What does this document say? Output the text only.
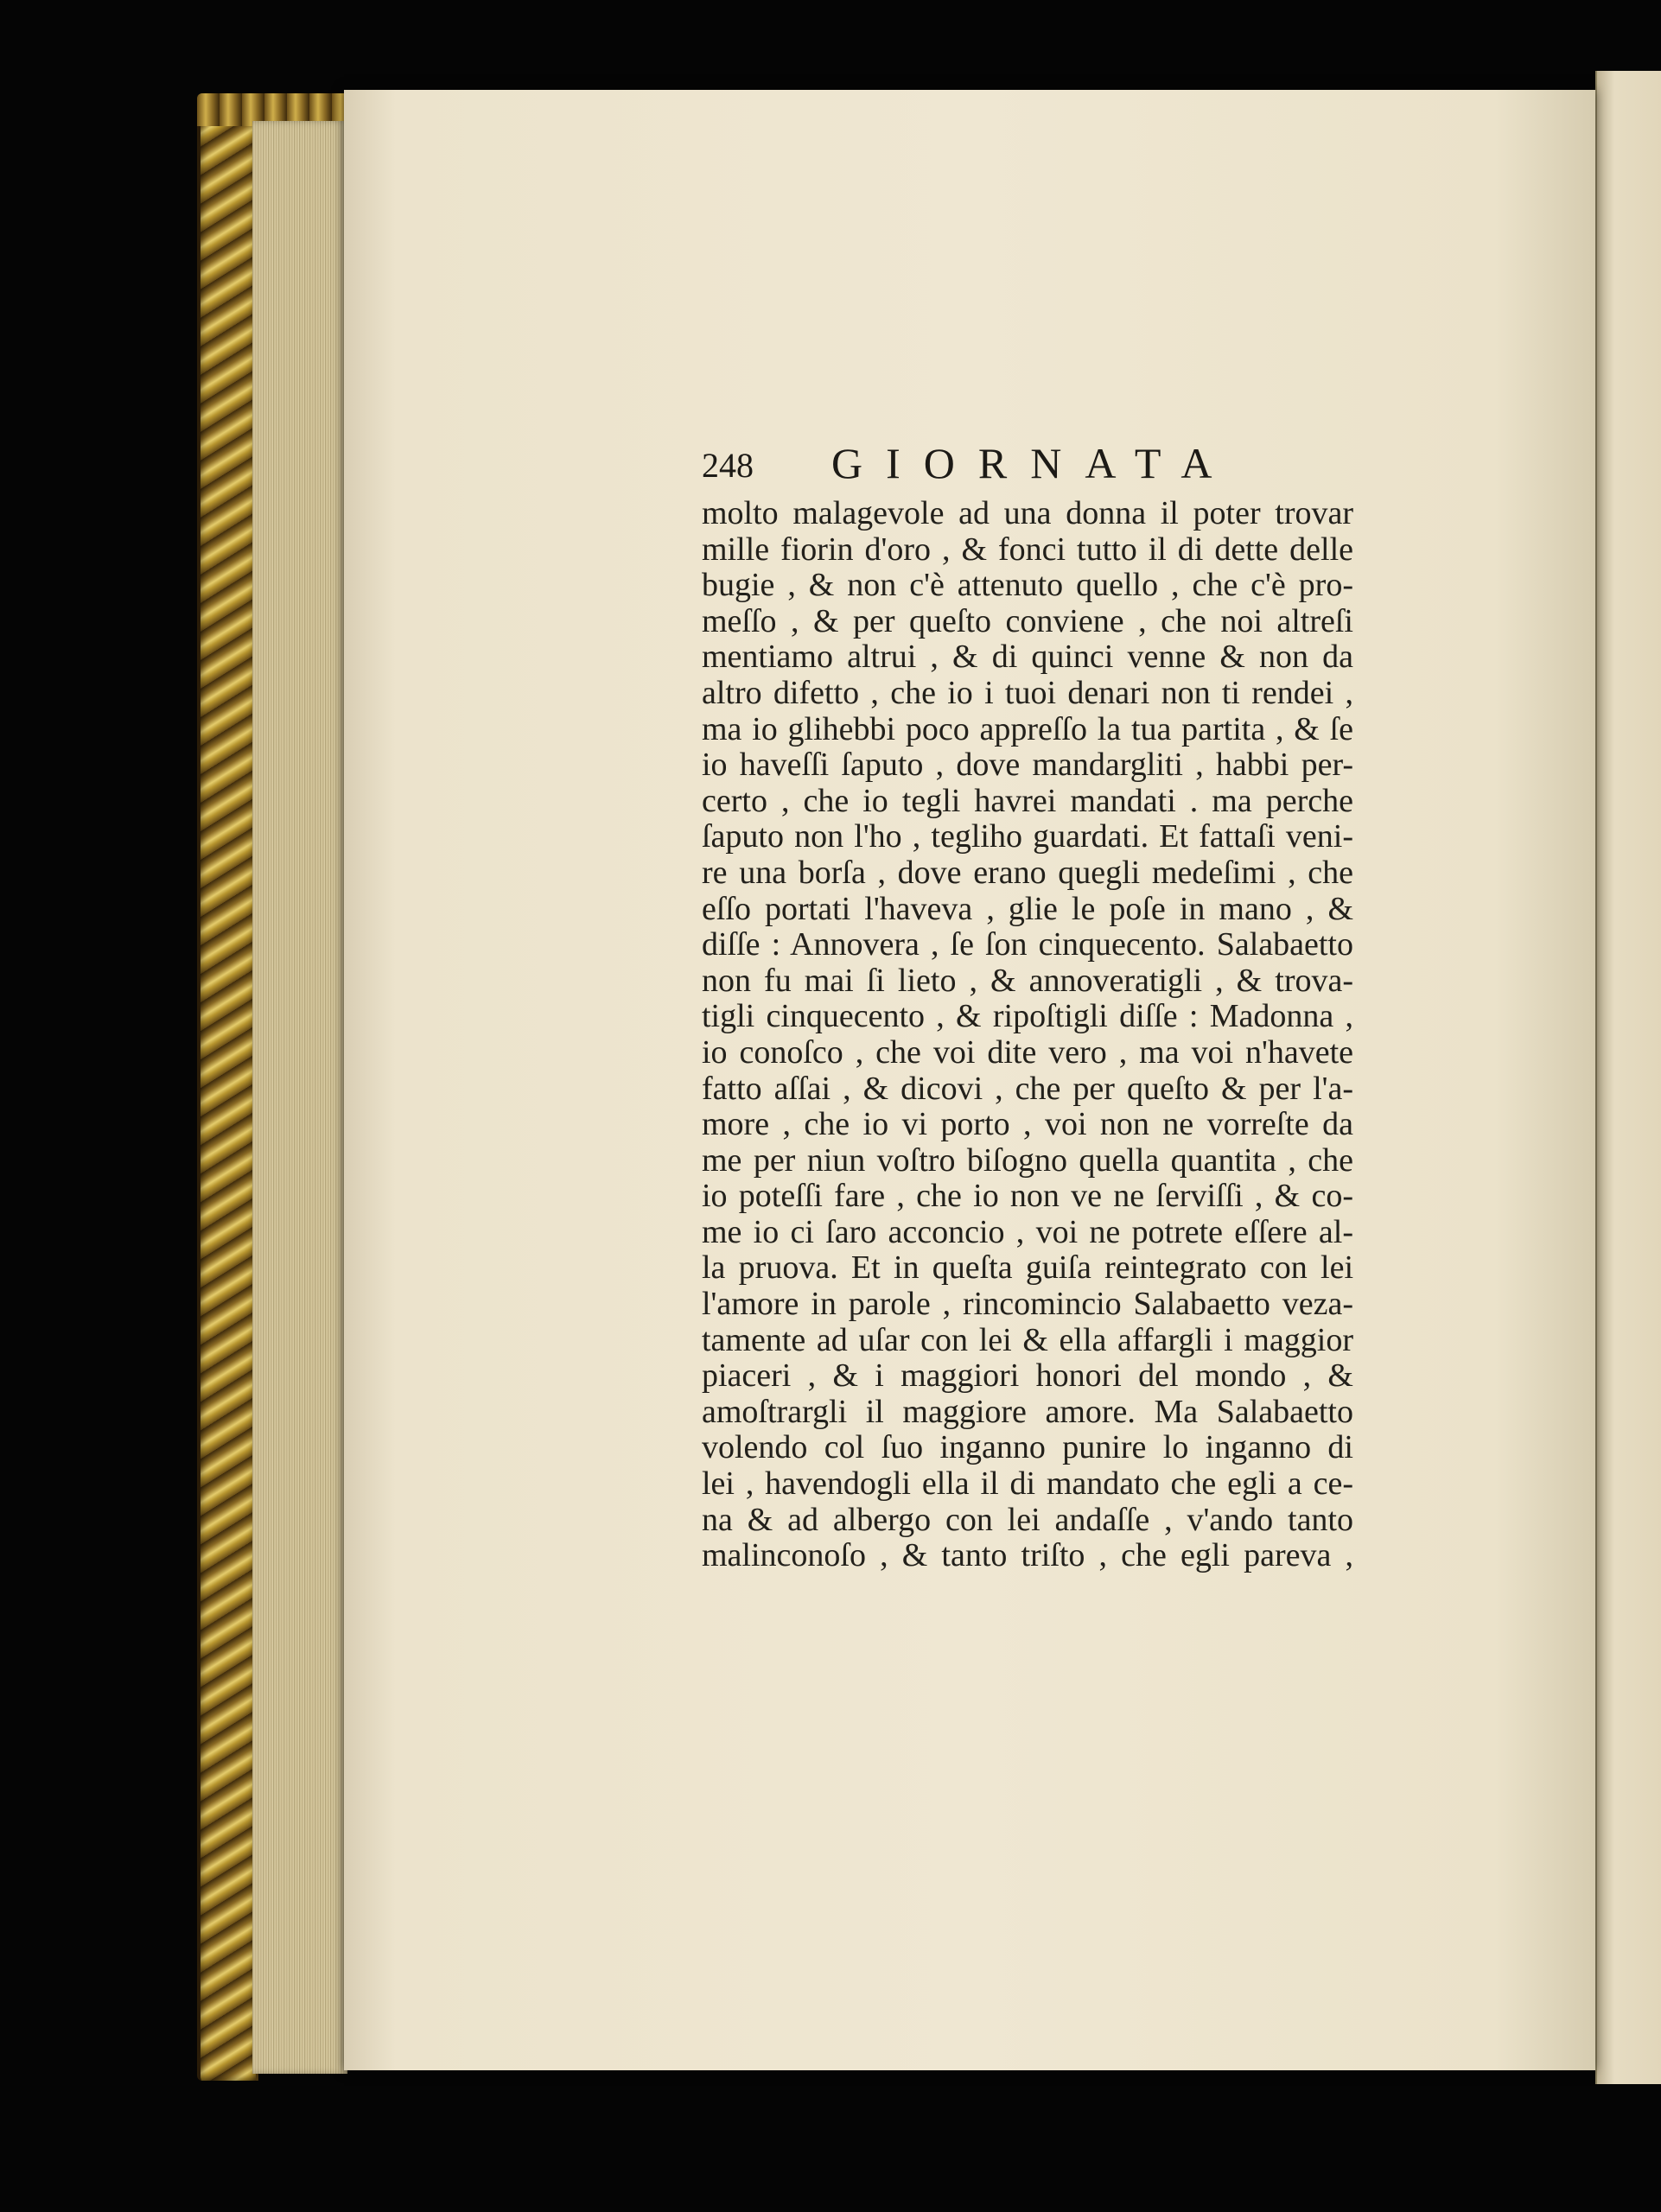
248 GIORNATA
molto malagevole ad una donna il poter trovar
mille fiorin d'oro , & fonci tutto il di dette delle
bugie , & non c'è attenuto quello , che c'è pro-
meſſo , & per queſto conviene , che noi altreſi
mentiamo altrui , & di quinci venne & non da
altro difetto , che io i tuoi denari non ti rendei ,
ma io glihebbi poco appreſſo la tua partita , & ſe
io haveſſi ſaputo , dove mandargliti , habbi per-
certo , che io tegli havrei mandati . ma perche
ſaputo non l'ho , tegliho guardati. Et fattaſi veni-
re una borſa , dove erano quegli medeſimi , che
eſſo portati l'haveva , glie le poſe in mano , &
diſſe : Annovera , ſe ſon cinquecento. Salabaetto
non fu mai ſi lieto , & annoveratigli , & trova-
tigli cinquecento , & ripoſtigli diſſe : Madonna ,
io conoſco , che voi dite vero , ma voi n'havete
fatto aſſai , & dicovi , che per queſto & per l'a-
more , che io vi porto , voi non ne vorreſte da
me per niun voſtro biſogno quella quantita , che
io poteſſi fare , che io non ve ne ſerviſſi , & co-
me io ci ſaro acconcio , voi ne potrete eſſere al-
la pruova. Et in queſta guiſa reintegrato con lei
l'amore in parole , rincomincio Salabaetto veza-
tamente ad uſar con lei & ella affargli i maggior
piaceri , & i maggiori honori del mondo , &
amoſtrargli il maggiore amore. Ma Salabaetto
volendo col ſuo inganno punire lo inganno di
lei , havendogli ella il di mandato che egli a ce-
na & ad albergo con lei andaſſe , v'ando tanto
malinconoſo , & tanto triſto , che egli pareva ,
